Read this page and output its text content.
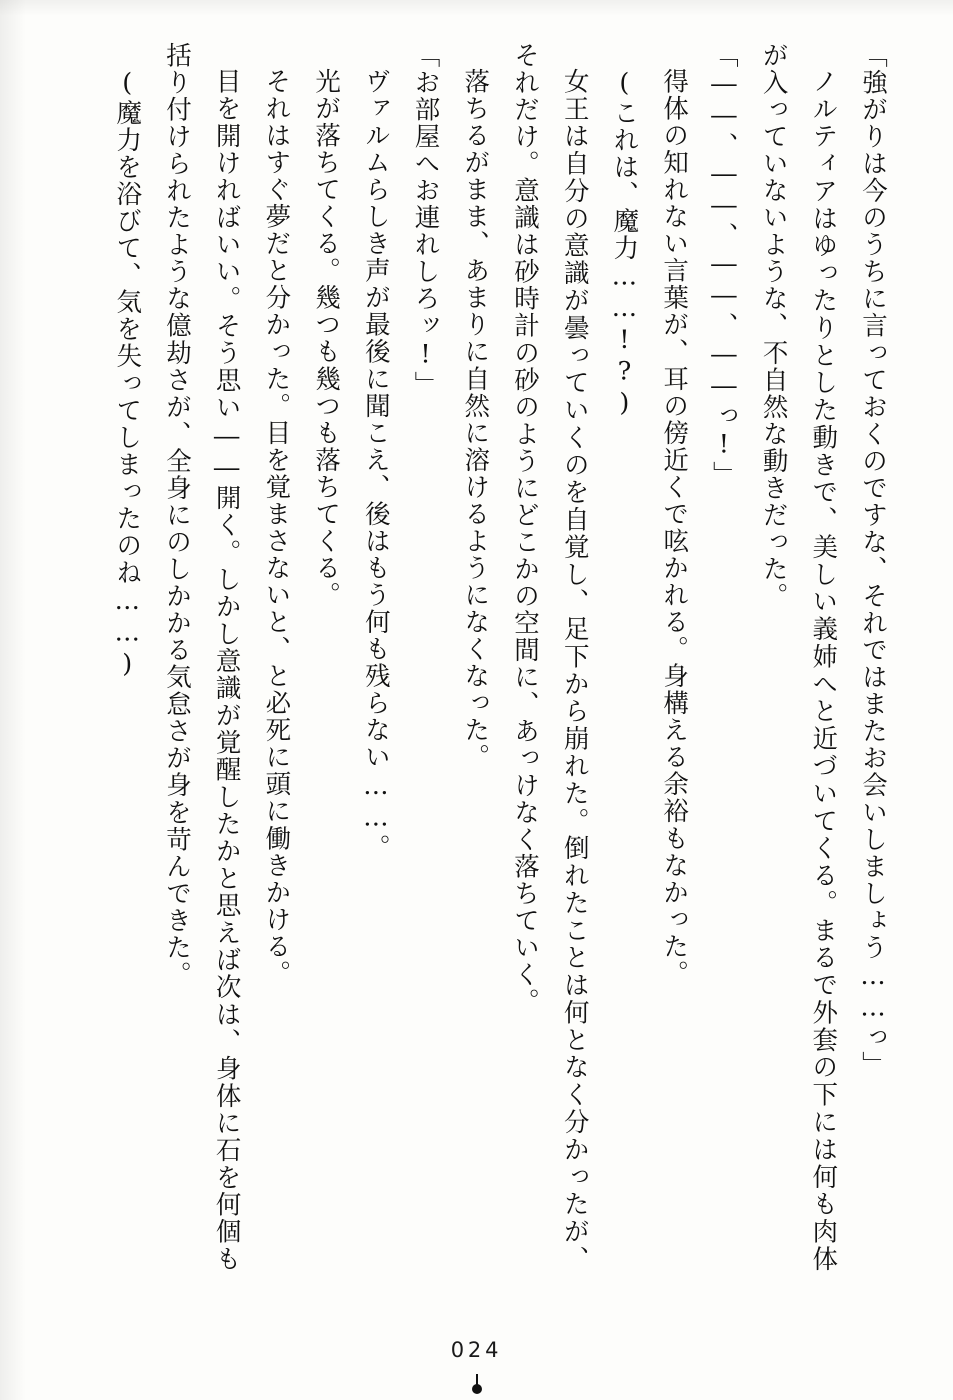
「強がりは今のうちに言っておくのですな、それではまたお会いしましょう……っ」

ノルティアはゆったりとした動きで、美しい義姉へと近づいてくる。まるで外套の下には何も肉体が入っていないような、不自然な動きだった。

「――、――、――、――っ!」

得体の知れない言葉が、耳の傍近くで呟かれる。身構える余裕もなかった。

(これは、魔力……!?)

女王は自分の意識が曇っていくのを自覚し、足下から崩れた。倒れたことは何となく分かったが、それだけ。意識は砂時計の砂のようにどこかの空間に、あっけなく落ちていく。

落ちるがまま、あまりに自然に溶けるようになくなった。

「お部屋へお連れしろッ!」

ヴァルムらしき声が最後に聞こえ、後はもう何も残らない……。

光が落ちてくる。幾つも幾つも落ちてくる。

それはすぐ夢だと分かった。目を覚まさないと、と必死に頭に働きかける。

目を開ければいい。そう思い――開く。しかし意識が覚醒したかと思えば次は、身体に石を何個も括り付けられたような億劫さが、全身にのしかかる気怠さが身を苛んできた。

(魔力を浴びて、気を失ってしまったのね……)

024
